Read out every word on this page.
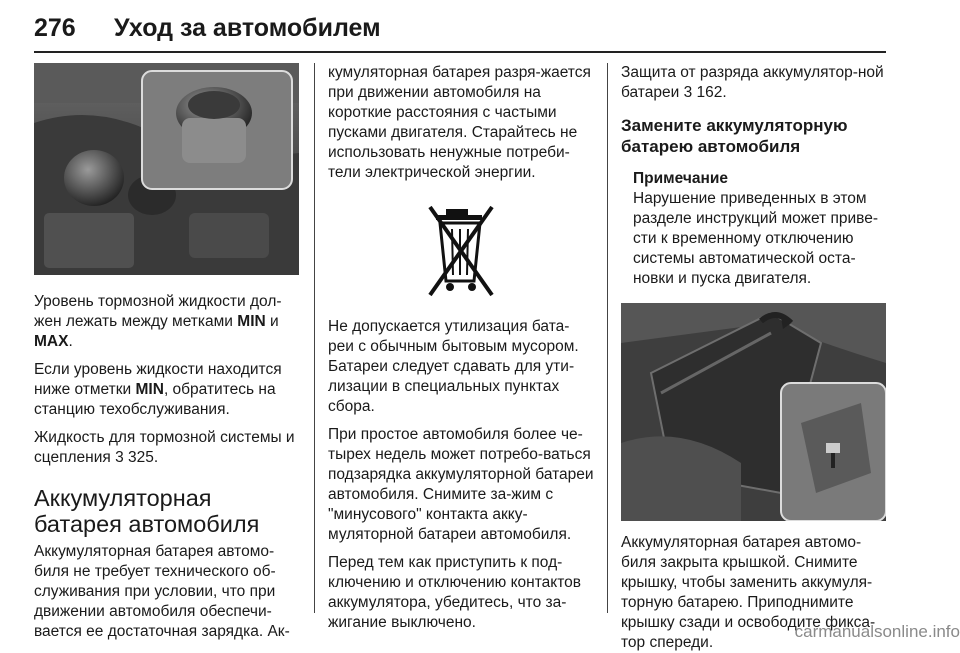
276 Уход за автомобилем

Уровень тормозной жидкости дол-жен лежать между метками MIN и MAX.

Если уровень жидкости находится ниже отметки MIN, обратитесь на станцию техобслуживания.

Жидкость для тормозной системы и сцепления 3 325.

Аккумуляторная батарея автомобиля

Аккумуляторная батарея автомо-биля не требует технического об-служивания при условии, что при движении автомобиля обеспечи-вается ее достаточная зарядка. Ак-

кумуляторная батарея разря-жается при движении автомобиля на короткие расстояния с частыми пусками двигателя. Старайтесь не использовать ненужные потреби-тели электрической энергии.

Не допускается утилизация бата-реи с обычным бытовым мусором. Батареи следует сдавать для ути-лизации в специальных пунктах сбора.

При простое автомобиля более че-тырех недель может потребо-ваться подзарядка аккумуляторной батареи автомобиля. Снимите за-жим с "минусового" контакта акку-муляторной батареи автомобиля.

Перед тем как приступить к под-ключению и отключению контактов аккумулятора, убедитесь, что за-жигание выключено.

Защита от разряда аккумулятор-ной батареи 3 162.

Замените аккумуляторную батарею автомобиля
Примечание

Нарушение приведенных в этом разделе инструкций может приве-сти к временному отключению системы автоматической оста-новки и пуска двигателя.

Аккумуляторная батарея автомо-биля закрыта крышкой. Снимите крышку, чтобы заменить аккумуля-торную батарею. Приподнимите крышку сзади и освободите фикса-тор спереди.

carmanualsonline.info
